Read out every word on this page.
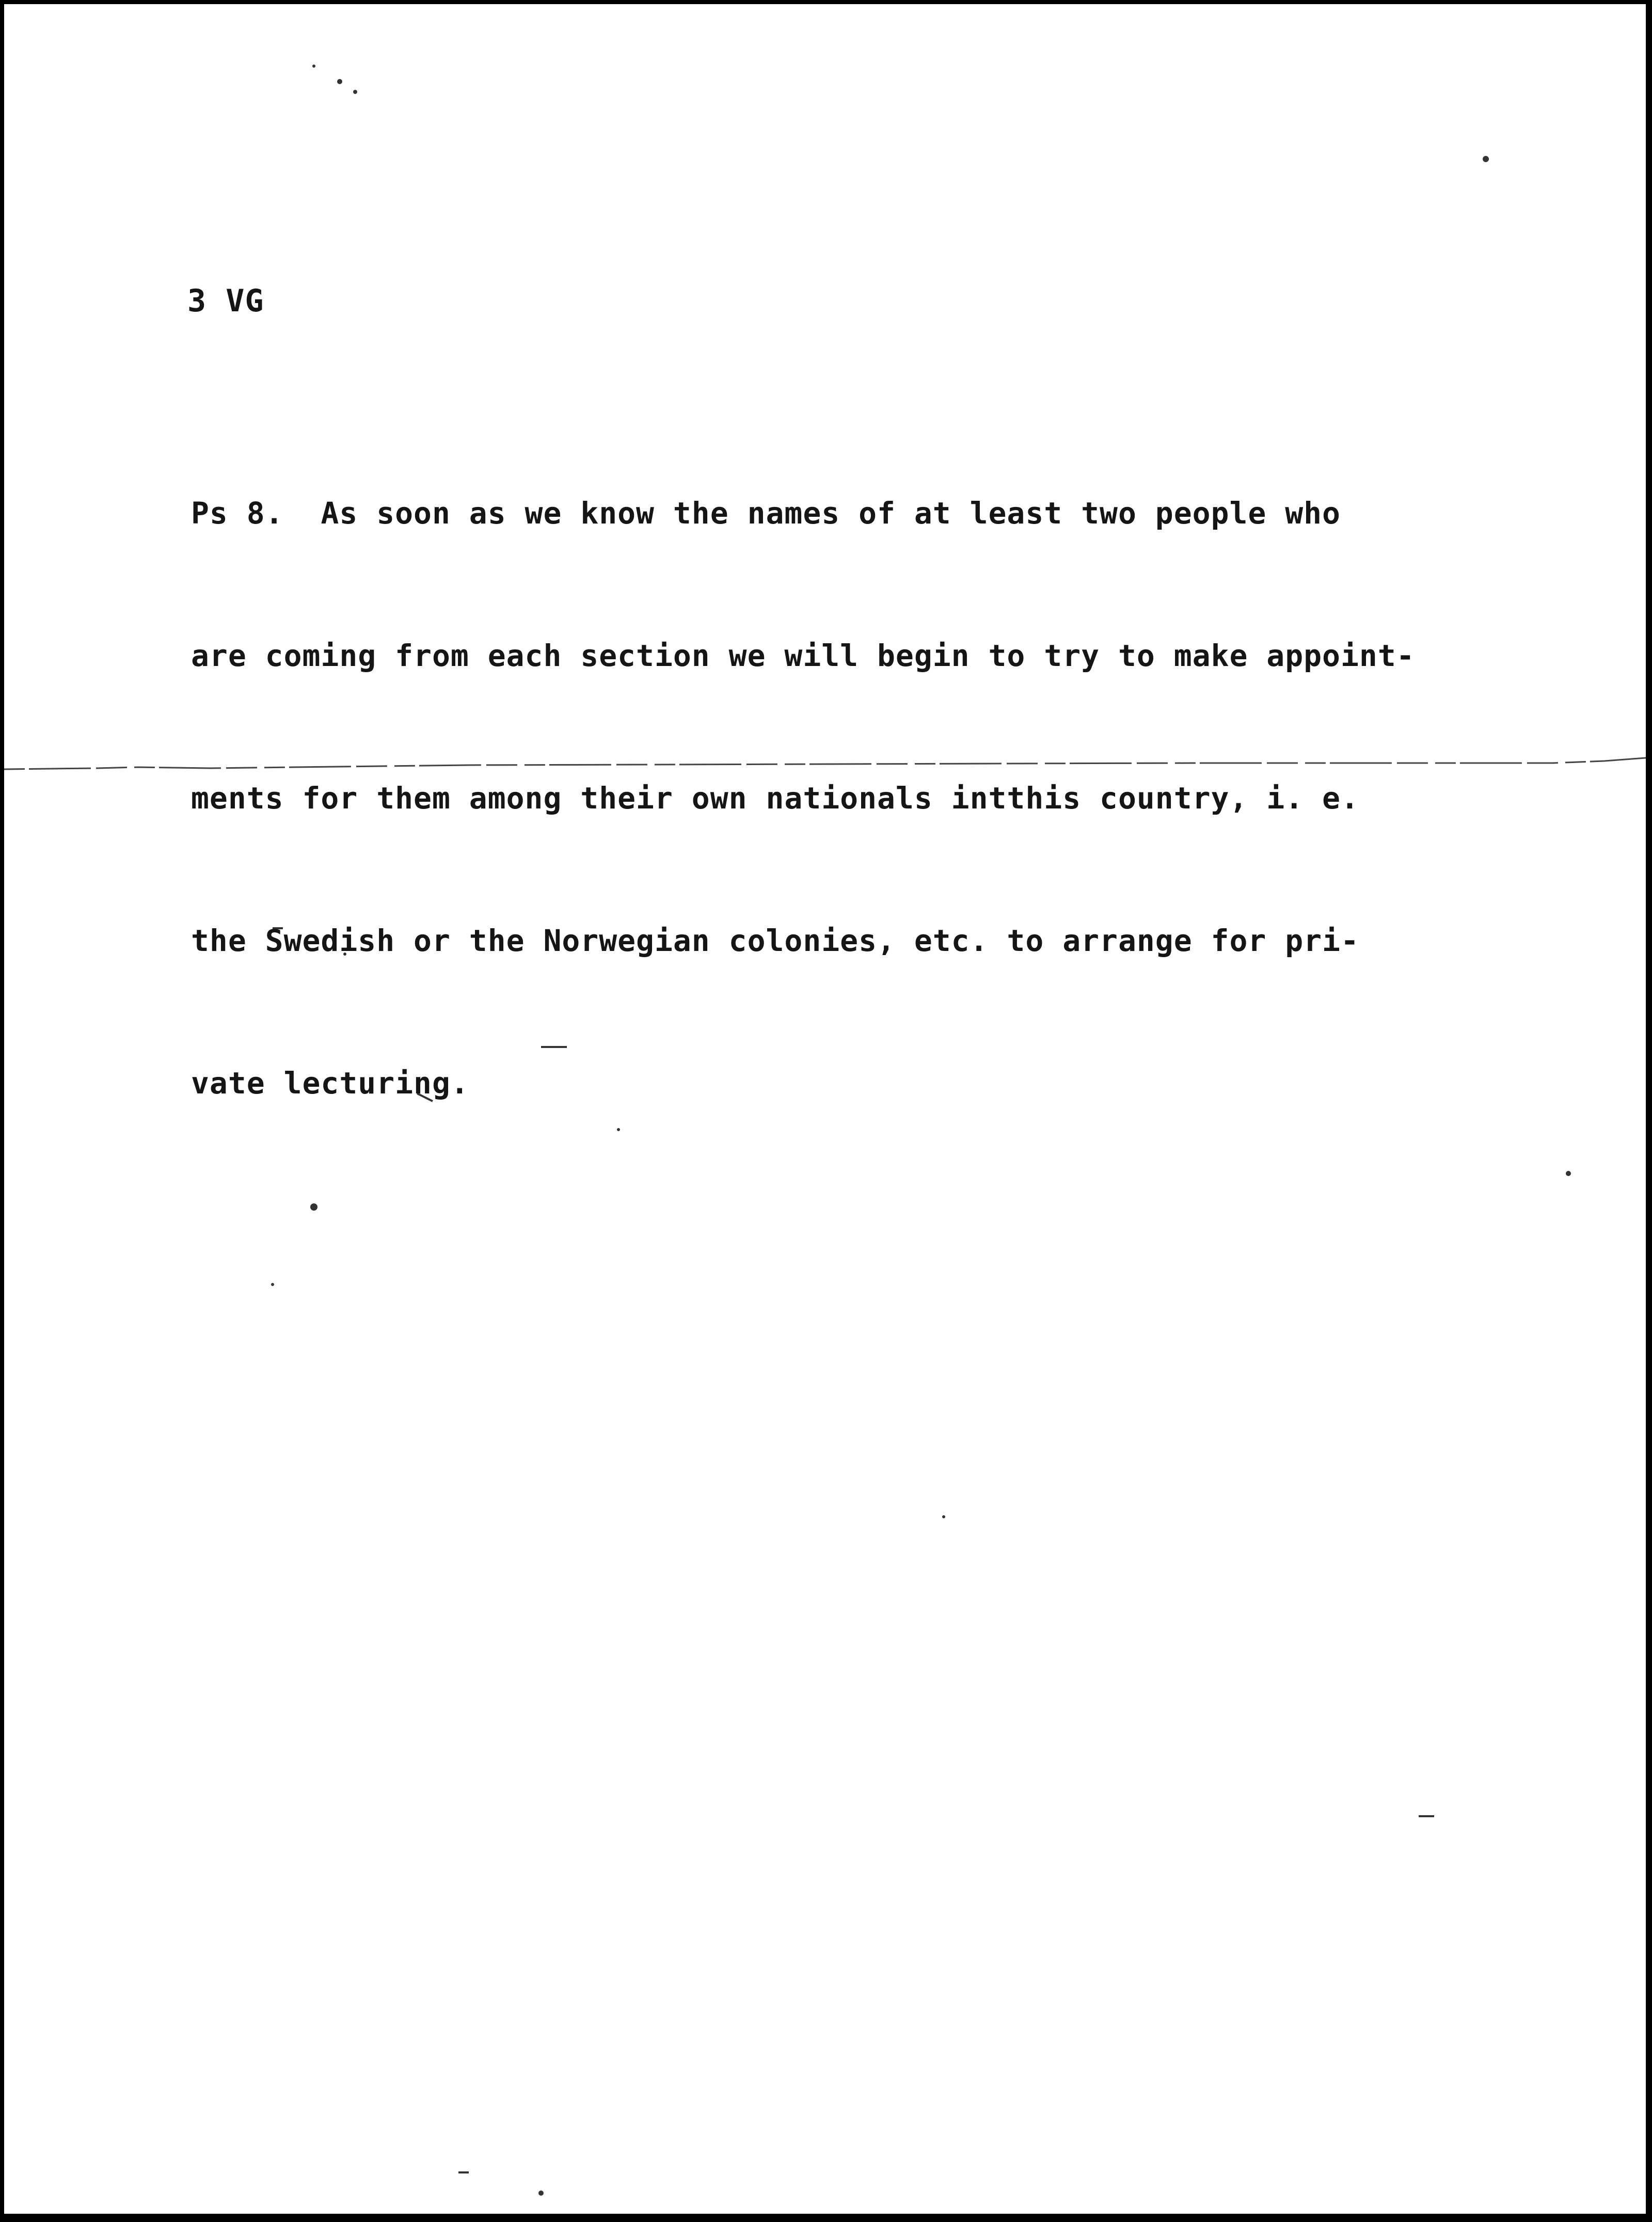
3 VG

Ps 8.  As soon as we know the names of at least two people who

are coming from each section we will begin to try to make appoint-

ments for them among their own nationals intthis country, i. e.

the Swedish or the Norwegian colonies, etc. to arrange for pri-

vate lecturing.
